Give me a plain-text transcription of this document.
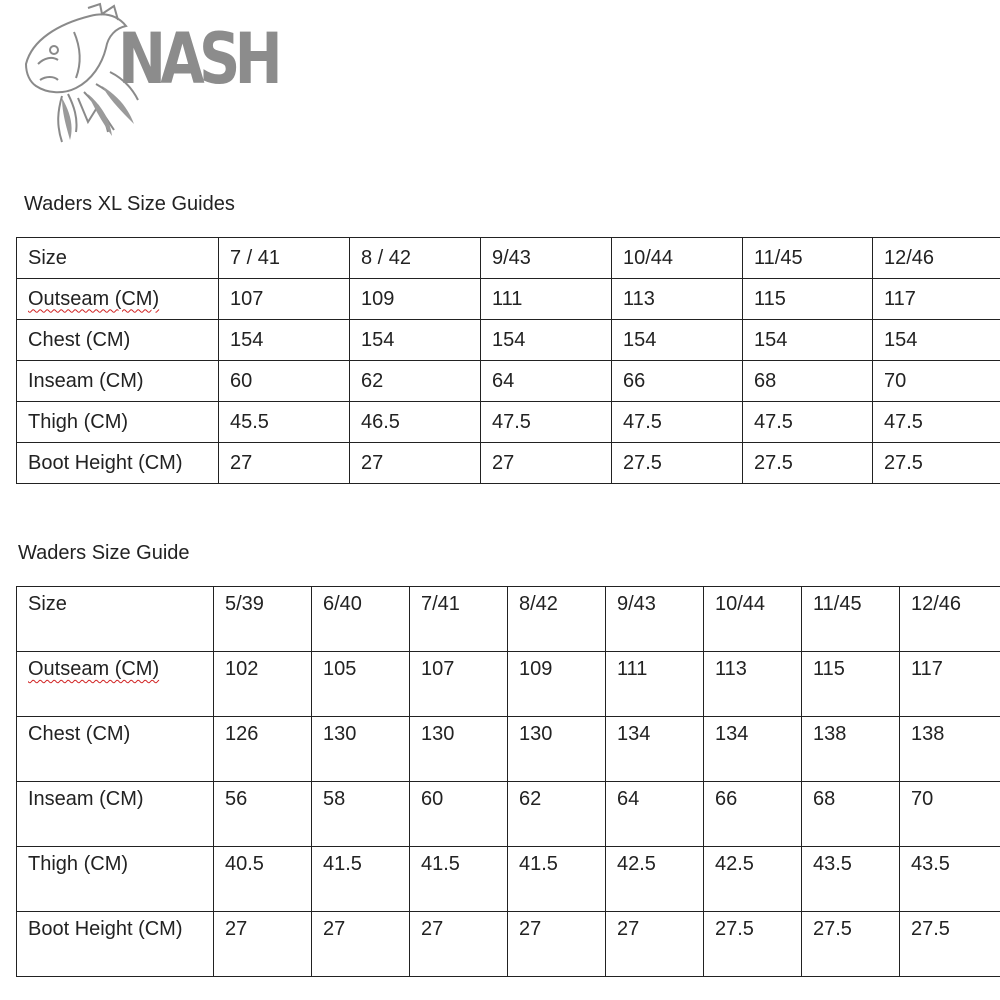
NASH
Waders XL Size Guides
Size	7 / 41	8 / 42	9/43	10/44	11/45	12/46
Outseam (CM)	107	109	111	113	115	117
Chest (CM)	154	154	154	154	154	154
Inseam (CM)	60	62	64	66	68	70
Thigh (CM)	45.5	46.5	47.5	47.5	47.5	47.5
Boot Height (CM)	27	27	27	27.5	27.5	27.5
Waders Size Guide
Size	5/39	6/40	7/41	8/42	9/43	10/44	11/45	12/46
Outseam (CM)	102	105	107	109	111	113	115	117
Chest (CM)	126	130	130	130	134	134	138	138
Inseam (CM)	56	58	60	62	64	66	68	70
Thigh (CM)	40.5	41.5	41.5	41.5	42.5	42.5	43.5	43.5
Boot Height (CM)	27	27	27	27	27	27.5	27.5	27.5
